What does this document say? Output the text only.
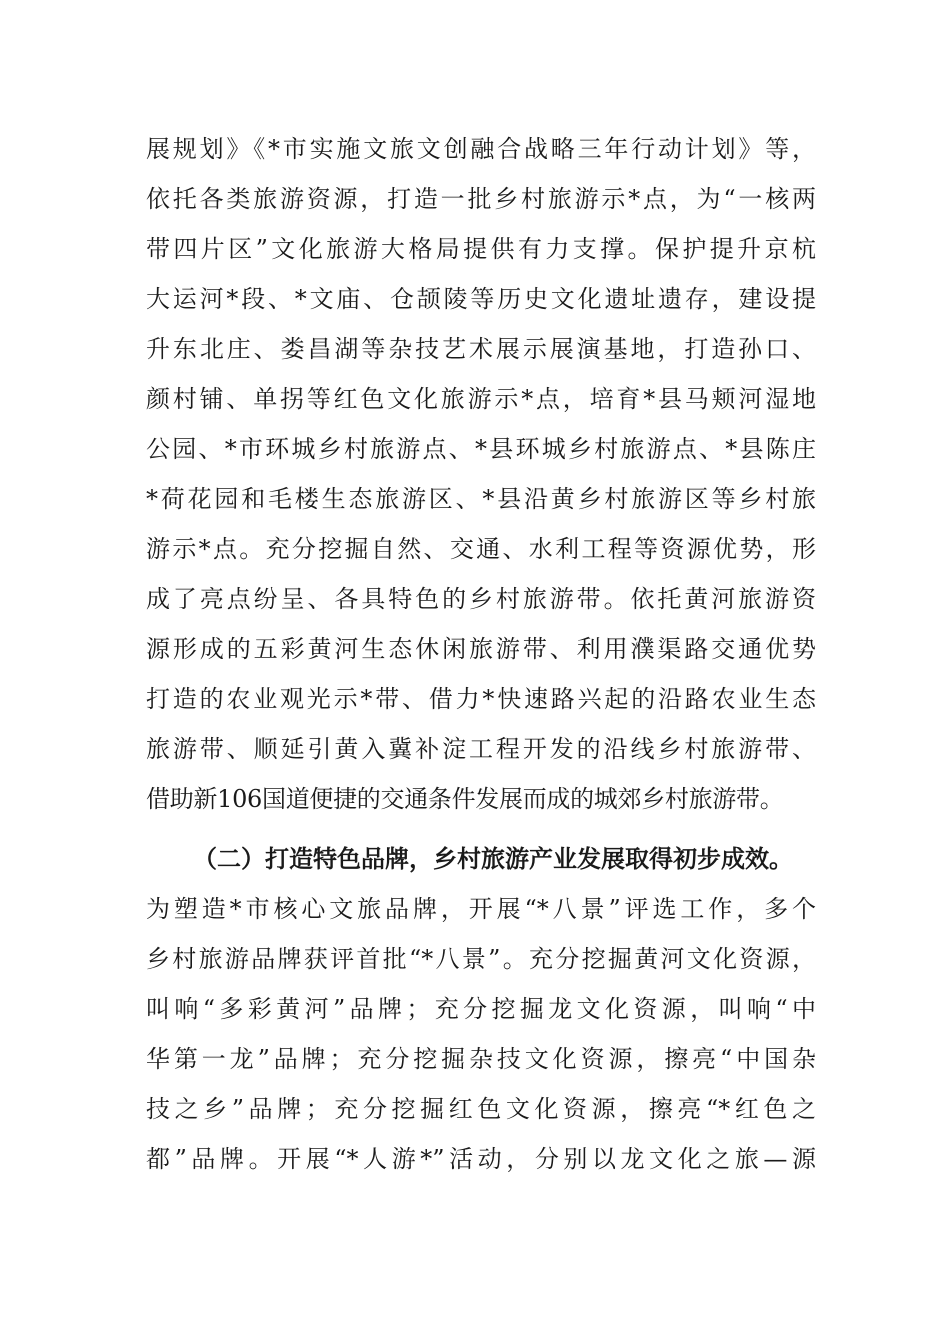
展规划》《*市实施文旅文创融合战略三年行动计划》等，
依托各类旅游资源，打造一批乡村旅游示*点，为“一核两
带四片区”文化旅游大格局提供有力支撑。保护提升京杭
大运河*段、*文庙、仓颉陵等历史文化遗址遗存，建设提
升东北庄、娄昌湖等杂技艺术展示展演基地，打造孙口、
颜村铺、单拐等红色文化旅游示*点，培育*县马颊河湿地
公园、*市环城乡村旅游点、*县环城乡村旅游点、*县陈庄
*荷花园和毛楼生态旅游区、*县沿黄乡村旅游区等乡村旅
游示*点。充分挖掘自然、交通、水利工程等资源优势，形
成了亮点纷呈、各具特色的乡村旅游带。依托黄河旅游资
源形成的五彩黄河生态休闲旅游带、利用濮渠路交通优势
打造的农业观光示*带、借力*快速路兴起的沿路农业生态
旅游带、顺延引黄入冀补淀工程开发的沿线乡村旅游带、
借助新106国道便捷的交通条件发展而成的城郊乡村旅游带。
（二）打造特色品牌，乡村旅游产业发展取得初步成效。
为塑造*市核心文旅品牌，开展“*八景”评选工作，多个
乡村旅游品牌获评首批“*八景”。充分挖掘黄河文化资源，
叫响“多彩黄河”品牌；充分挖掘龙文化资源，叫响“中
华第一龙”品牌；充分挖掘杂技文化资源，擦亮“中国杂
技之乡”品牌；充分挖掘红色文化资源，擦亮“*红色之
都”品牌。开展“*人游*”活动，分别以龙文化之旅—源
